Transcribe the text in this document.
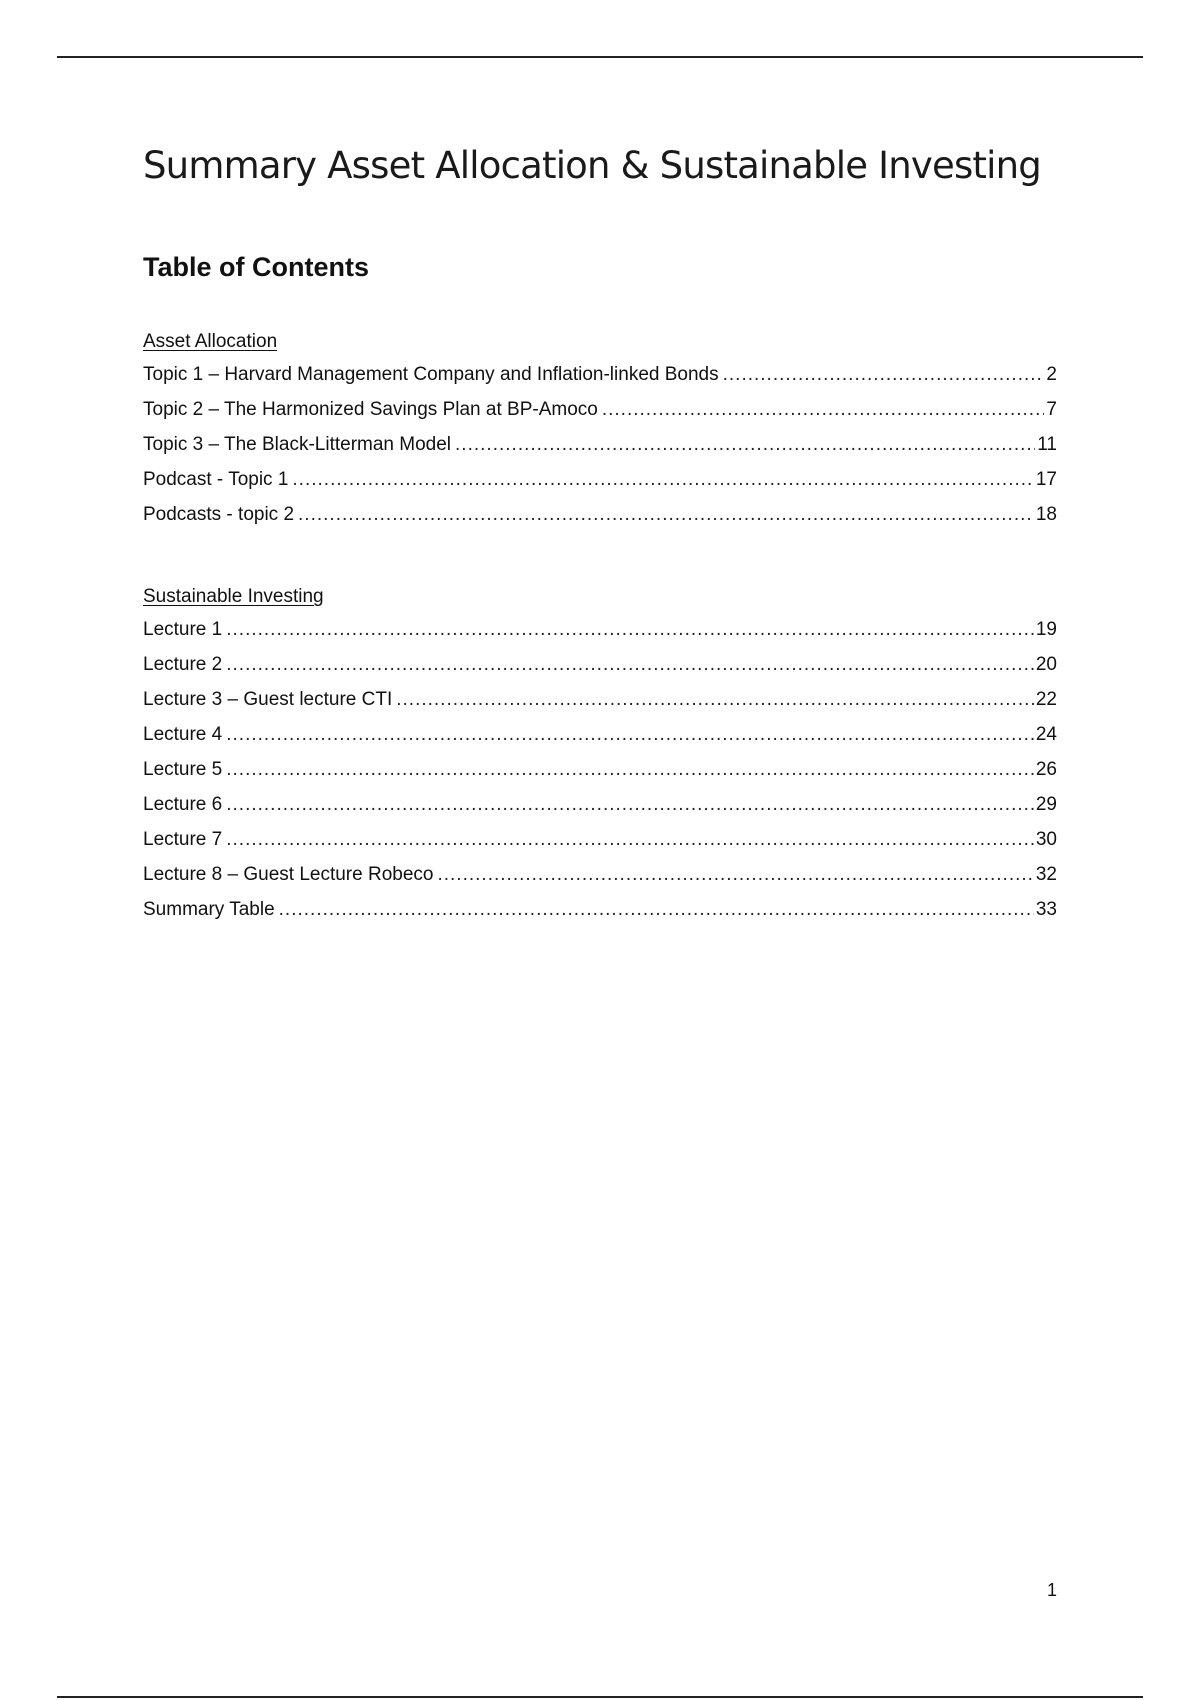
Summary Asset Allocation & Sustainable Investing
Table of Contents
Asset Allocation
Topic 1 – Harvard Management Company and Inflation-linked Bonds .....	2
Topic 2 – The Harmonized Savings Plan at BP-Amoco .....	7
Topic 3 – The Black-Litterman Model .....	11
Podcast - Topic 1 .....	17
Podcasts - topic 2 .....	18
Sustainable Investing
Lecture 1 .....	19
Lecture 2 .....	20
Lecture 3 – Guest lecture CTI .....	22
Lecture 4 .....	24
Lecture 5 .....	26
Lecture 6 .....	29
Lecture 7 .....	30
Lecture 8 – Guest Lecture Robeco .....	32
Summary Table .....	33
1
